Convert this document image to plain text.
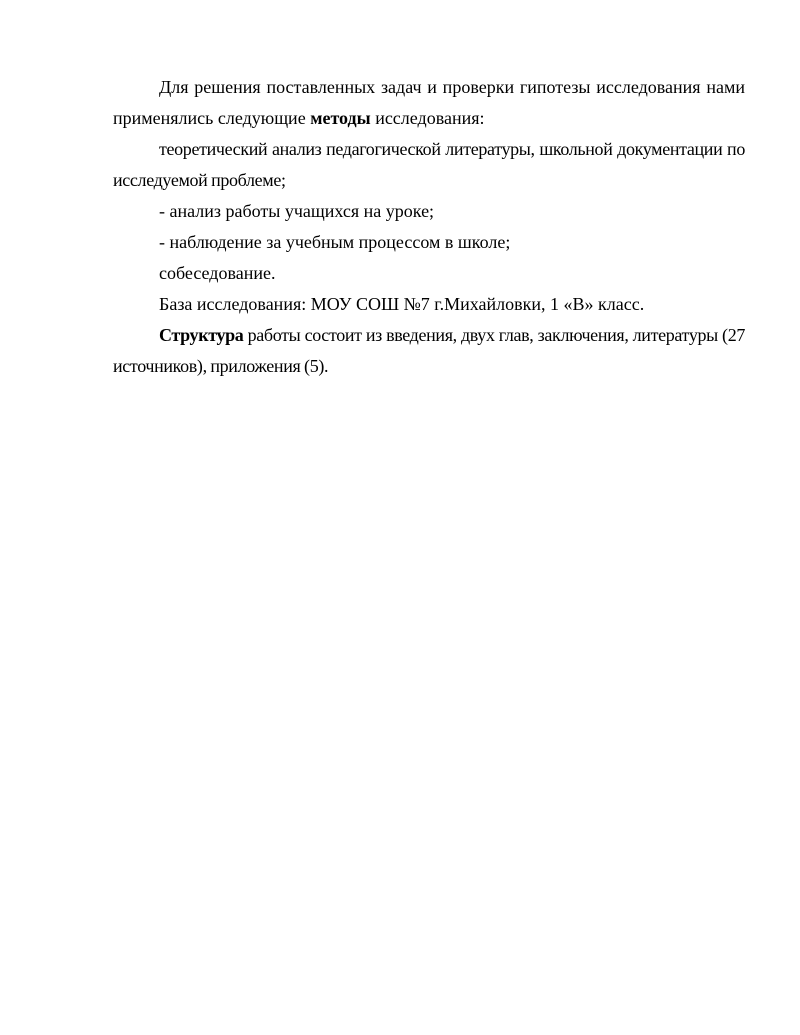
Для решения поставленных задач и проверки гипотезы исследования нами применялись следующие методы исследования:

теоретический анализ педагогической литературы, школьной документации по исследуемой проблеме;

- анализ работы учащихся на уроке;

- наблюдение за учебным процессом в школе;

собеседование.

База исследования: МОУ СОШ №7 г.Михайловки, 1 «В» класс.

Структура работы состоит из введения, двух глав, заключения, литературы (27 источников), приложения (5).
